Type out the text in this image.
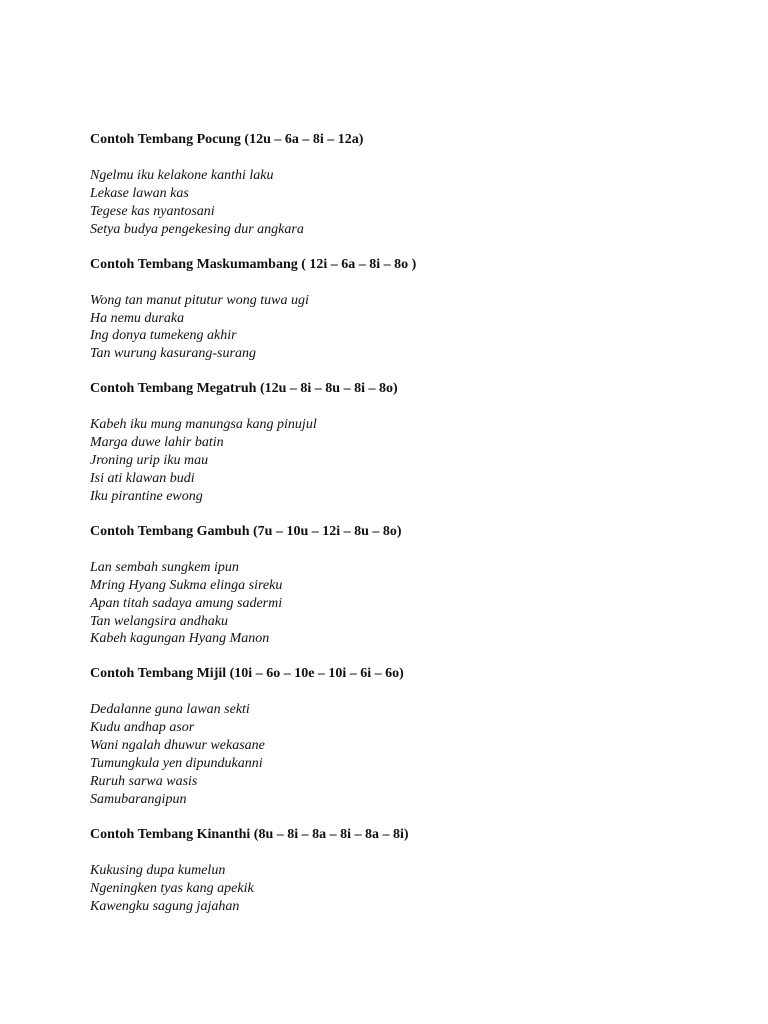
Contoh Tembang Pocung (12u – 6a – 8i – 12a)
Ngelmu iku kelakone kanthi laku
Lekase lawan kas
Tegese kas nyantosani
Setya budya pengekesing dur angkara
Contoh Tembang Maskumambang ( 12i – 6a – 8i – 8o )
Wong tan manut pitutur wong tuwa ugi
Ha nemu duraka
Ing donya tumekeng akhir
Tan wurung kasurang-surang
Contoh Tembang Megatruh (12u – 8i – 8u – 8i – 8o)
Kabeh iku mung manungsa kang pinujul
Marga duwe lahir batin
Jroning urip iku mau
Isi ati klawan budi
Iku pirantine ewong
Contoh Tembang Gambuh (7u – 10u – 12i – 8u – 8o)
Lan sembah sungkem ipun
Mring Hyang Sukma elinga sireku
Apan titah sadaya amung sadermi
Tan welangsira andhaku
Kabeh kagungan Hyang Manon
Contoh Tembang Mijil (10i – 6o – 10e – 10i – 6i – 6o)
Dedalanne guna lawan sekti
Kudu andhap asor
Wani ngalah dhuwur wekasane
Tumungkula yen dipundukanni
Ruruh sarwa wasis
Samubarangipun
Contoh Tembang Kinanthi (8u – 8i – 8a – 8i – 8a – 8i)
Kukusing dupa kumelun
Ngeningken tyas kang apekik
Kawengku sagung jajahan
